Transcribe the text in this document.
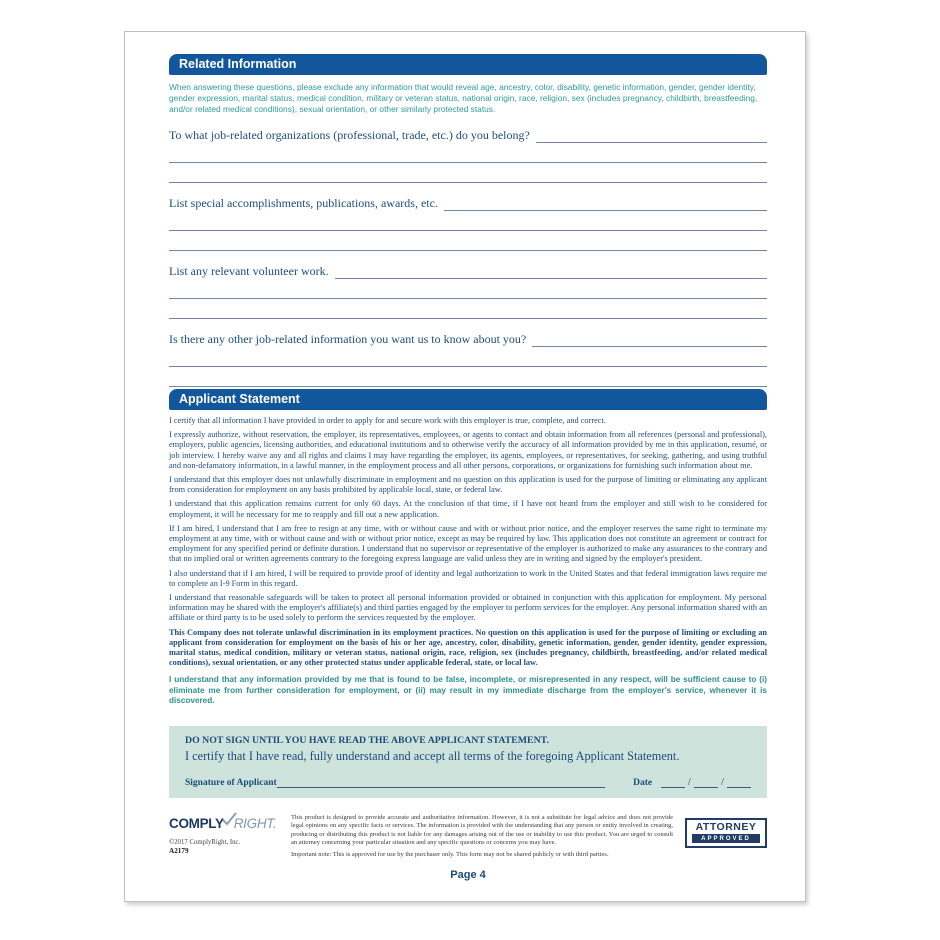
Related Information
When answering these questions, please exclude any information that would reveal age, ancestry, color, disability, genetic information, gender, gender identity, gender expression, marital status, medical condition, military or veteran status, national origin, race, religion, sex (includes pregnancy, childbirth, breastfeeding, and/or related medical conditions), sexual orientation, or other similarly protected status.
To what job-related organizations (professional, trade, etc.) do you belong?
List special accomplishments, publications, awards, etc.
List any relevant volunteer work.
Is there any other job-related information you want us to know about you?
Applicant Statement

I certify that all information I have provided in order to apply for and secure work with this employer is true, complete, and correct.

I expressly authorize, without reservation, the employer, its representatives, employees, or agents to contact and obtain information from all references (personal and professional), employers, public agencies, licensing authorities, and educational institutions and to otherwise verify the accuracy of all information provided by me in this application, resumé, or job interview. I hereby waive any and all rights and claims I may have regarding the employer, its agents, employees, or representatives, for seeking, gathering, and using truthful and non-defamatory information, in a lawful manner, in the employment process and all other persons, corporations, or organizations for furnishing such information about me.

I understand that this employer does not unlawfully discriminate in employment and no question on this application is used for the purpose of limiting or eliminating any applicant from consideration for employment on any basis prohibited by applicable local, state, or federal law.

I understand that this application remains current for only 60 days. At the conclusion of that time, if I have not heard from the employer and still wish to be considered for employment, it will be necessary for me to reapply and fill out a new application.

If I am hired, I understand that I am free to resign at any time, with or without cause and with or without prior notice, and the employer reserves the same right to terminate my employment at any time, with or without cause and with or without prior notice, except as may be required by law. This application does not constitute an agreement or contract for employment for any specified period or definite duration. I understand that no supervisor or representative of the employer is authorized to make any assurances to the contrary and that no implied oral or written agreements contrary to the foregoing express language are valid unless they are in writing and signed by the employer's president.

I also understand that if I am hired, I will be required to provide proof of identity and legal authorization to work in the United States and that federal immigration laws require me to complete an I-9 Form in this regard.

I understand that reasonable safeguards will be taken to protect all personal information provided or obtained in conjunction with this application for employment. My personal information may be shared with the employer's affiliate(s) and third parties engaged by the employer to perform services for the employer. Any personal information shared with an affiliate or third party is to be used solely to perform the services requested by the employer.

This Company does not tolerate unlawful discrimination in its employment practices. No question on this application is used for the purpose of limiting or excluding an applicant from consideration for employment on the basis of his or her age, ancestry, color, disability, genetic information, gender, gender identity, gender expression, marital status, medical condition, military or veteran status, national origin, race, religion, sex (includes pregnancy, childbirth, breastfeeding, and/or related medical conditions), sexual orientation, or any other protected status under applicable federal, state, or local law.

I understand that any information provided by me that is found to be false, incomplete, or misrepresented in any respect, will be sufficient cause to (i) eliminate me from further consideration for employment, or (ii) may result in my immediate discharge from the employer's service, whenever it is discovered.

DO NOT SIGN UNTIL YOU HAVE READ THE ABOVE APPLICANT STATEMENT.
I certify that I have read, fully understand and accept all terms of the foregoing Applicant Statement.
Signature of Applicant	Date
	/	/
COMPLY RIGHT.
©2017 ComplyRight, Inc.
A2179
This product is designed to provide accurate and authoritative information. However, it is not a substitute for legal advice and does not provide legal opinions on any specific facts or services. The information is provided with the understanding that any person or entity involved in creating, producing or distributing this product is not liable for any damages arising out of the use or inability to use this product. You are urged to consult an attorney concerning your particular situation and any specific questions or concerns you may have.
Important note: This is approved for use by the purchaser only. This form may not be shared publicly or with third parties.
ATTORNEY
APPROVED
Page 4
